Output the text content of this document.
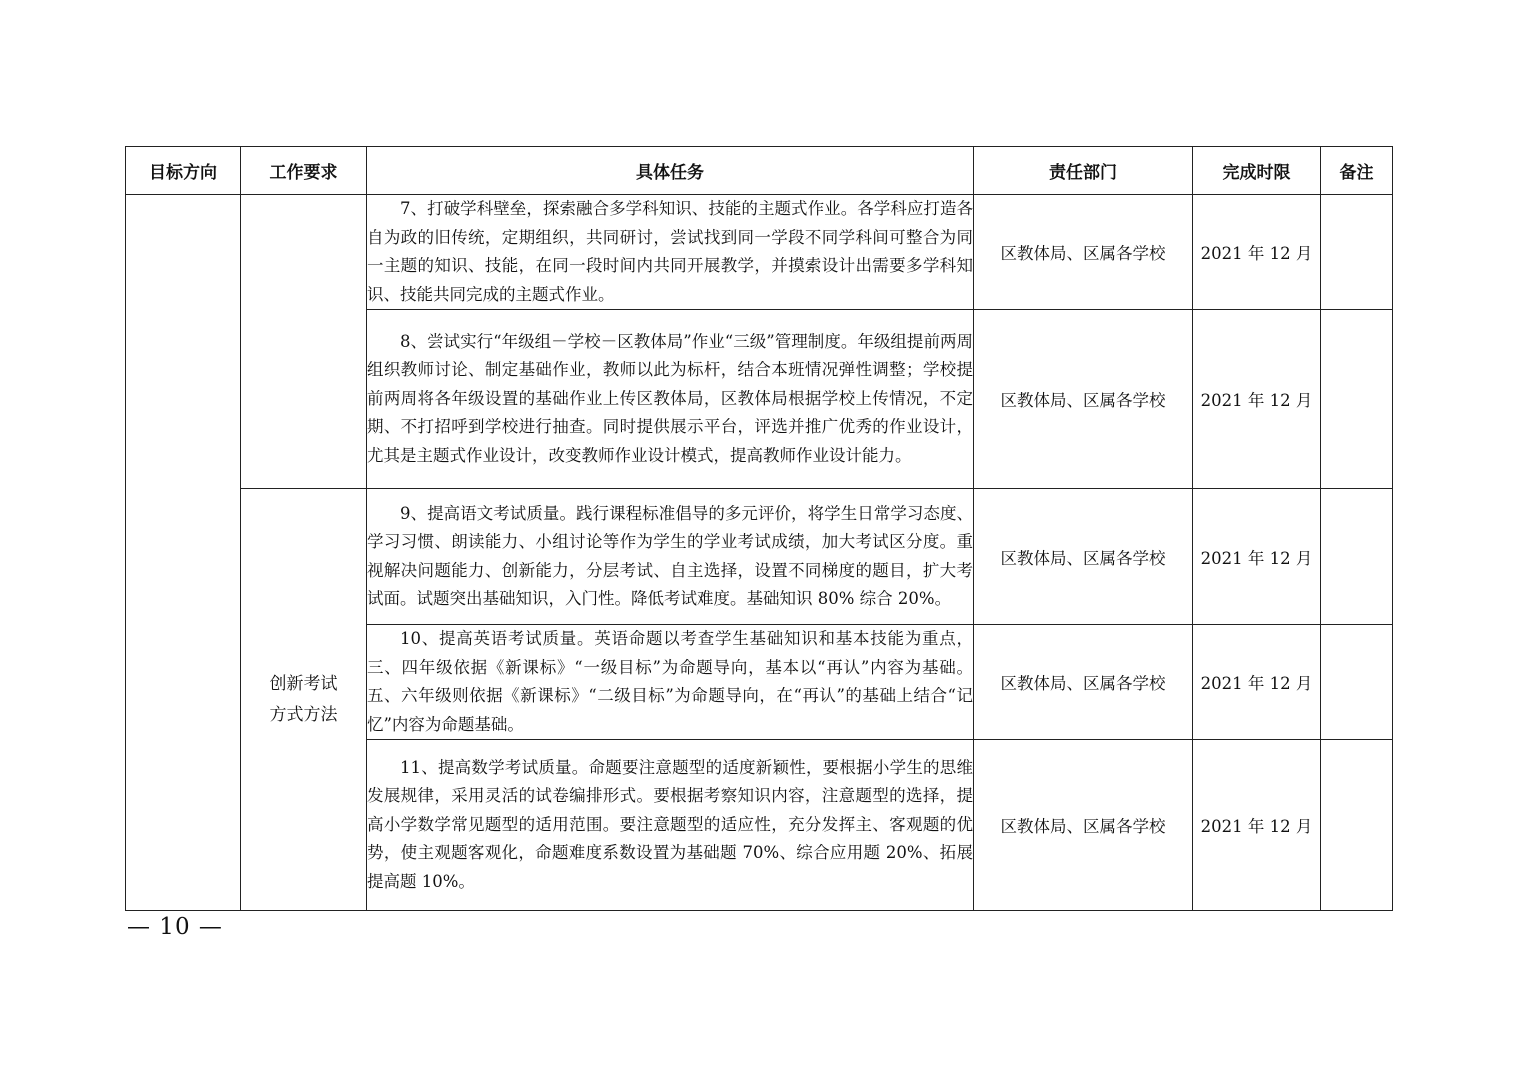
目标方向	工作要求	具体任务	责任部门	完成时限	备注

		7、打破学科壁垒，探索融合多学科知识、技能的主题式作业。各学科应打造各自为政的旧传统，定期组织，共同研讨，尝试找到同一学段不同学科间可整合为同一主题的知识、技能，在同一段时间内共同开展教学，并摸索设计出需要多学科知识、技能共同完成的主题式作业。	区教体局、区属各学校	2021 年 12 月	

		8、尝试实行“年级组－学校－区教体局”作业“三级”管理制度。年级组提前两周组织教师讨论、制定基础作业，教师以此为标杆，结合本班情况弹性调整；学校提前两周将各年级设置的基础作业上传区教体局，区教体局根据学校上传情况，不定期、不打招呼到学校进行抽查。同时提供展示平台，评选并推广优秀的作业设计，尤其是主题式作业设计，改变教师作业设计模式，提高教师作业设计能力。	区教体局、区属各学校	2021 年 12 月	

	创新考试方式方法	9、提高语文考试质量。践行课程标准倡导的多元评价，将学生日常学习态度、学习习惯、朗读能力、小组讨论等作为学生的学业考试成绩，加大考试区分度。重视解决问题能力、创新能力，分层考试、自主选择，设置不同梯度的题目，扩大考试面。试题突出基础知识，入门性。降低考试难度。基础知识 80% 综合 20%。	区教体局、区属各学校	2021 年 12 月	

		10、提高英语考试质量。英语命题以考查学生基础知识和基本技能为重点，三、四年级依据《新课标》“一级目标”为命题导向，基本以“再认”内容为基础。五、六年级则依据《新课标》“二级目标”为命题导向，在“再认”的基础上结合“记忆”内容为命题基础。	区教体局、区属各学校	2021 年 12 月	

		11、提高数学考试质量。命题要注意题型的适度新颖性，要根据小学生的思维发展规律，采用灵活的试卷编排形式。要根据考察知识内容，注意题型的选择，提高小学数学常见题型的适用范围。要注意题型的适应性，充分发挥主、客观题的优势，使主观题客观化，命题难度系数设置为基础题 70%、综合应用题 20%、拓展提高题 10%。	区教体局、区属各学校	2021 年 12 月	
— 10 —
